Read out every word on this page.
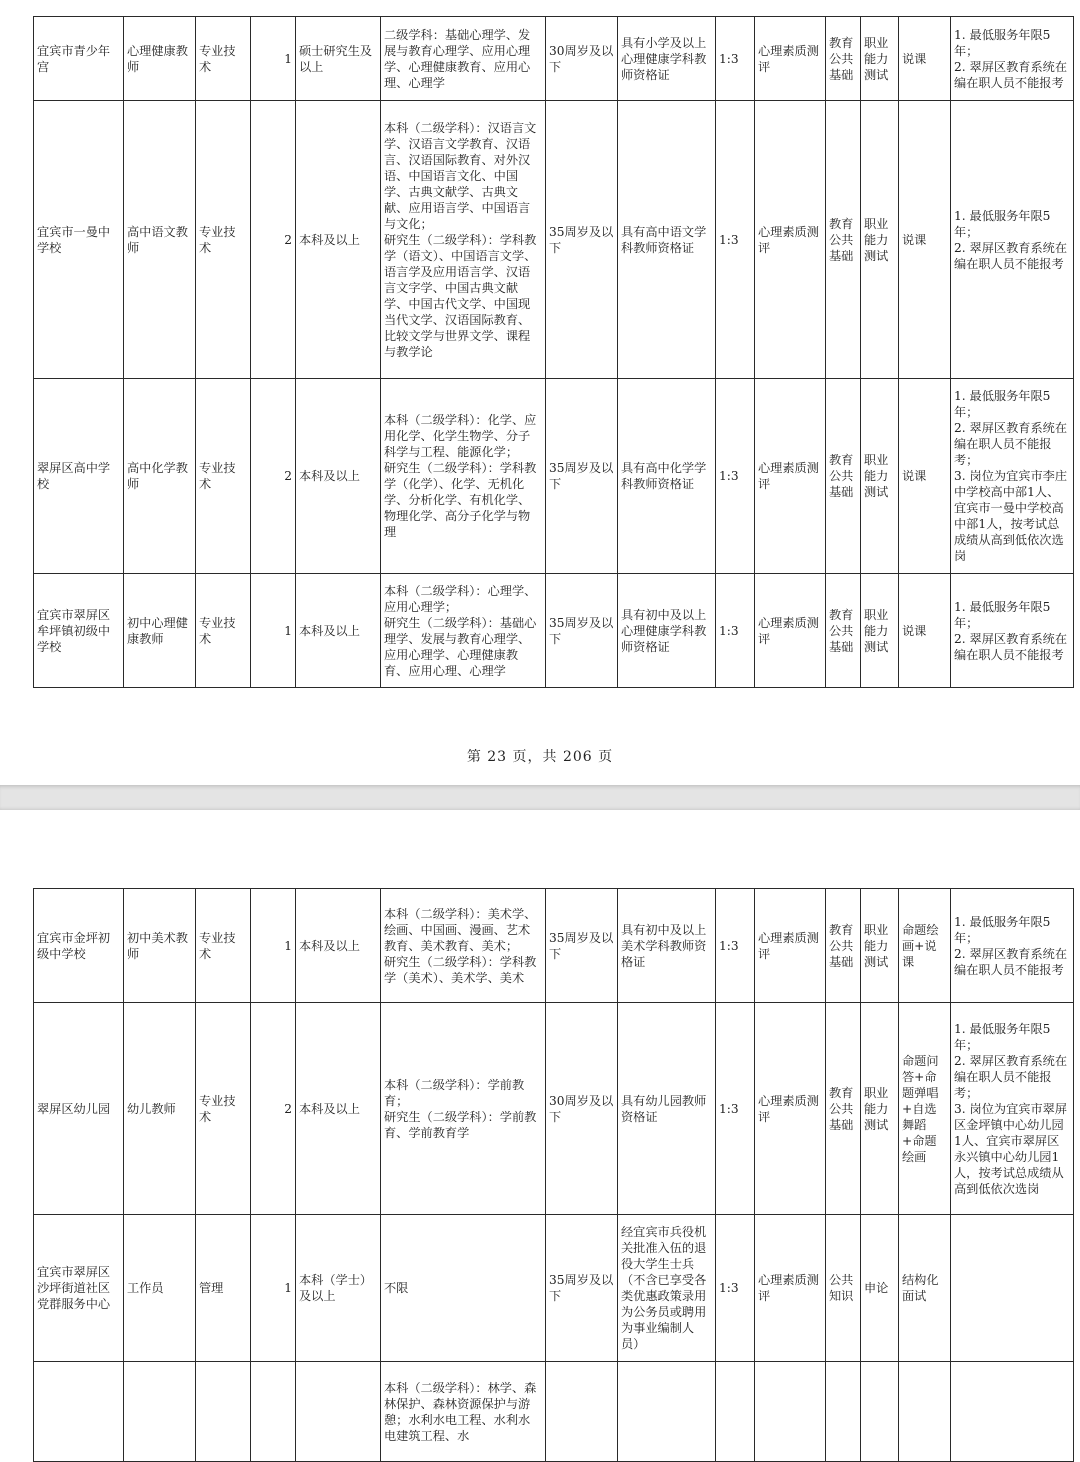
宜宾市青少年宫	心理健康教师	专业技术	1	硕士研究生及以上	二级学科：基础心理学、发展与教育心理学、应用心理学、心理健康教育、应用心理、心理学	30周岁及以下	具有小学及以上心理健康学科教师资格证	1:3	心理素质测评	教育公共基础	职业能力测试	说课	1. 最低服务年限5年；
2. 翠屏区教育系统在编在职人员不能报考

宜宾市一曼中学校	高中语文教师	专业技术	2	本科及以上	本科（二级学科）：汉语言文学、汉语言文学教育、汉语言、汉语国际教育、对外汉语、中国语言文化、中国学、古典文献学、古典文献、应用语言学、中国语言与文化；
研究生（二级学科）：学科教学（语文）、中国语言文学、语言学及应用语言学、汉语言文字学、中国古典文献学、中国古代文学、中国现当代文学、汉语国际教育、比较文学与世界文学、课程与教学论	35周岁及以下	具有高中语文学科教师资格证	1:3	心理素质测评	教育公共基础	职业能力测试	说课	1. 最低服务年限5年；
2. 翠屏区教育系统在编在职人员不能报考

翠屏区高中学校	高中化学教师	专业技术	2	本科及以上	本科（二级学科）：化学、应用化学、化学生物学、分子科学与工程、能源化学；
研究生（二级学科）：学科教学（化学）、化学、无机化学、分析化学、有机化学、物理化学、高分子化学与物理	35周岁及以下	具有高中化学学科教师资格证	1:3	心理素质测评	教育公共基础	职业能力测试	说课	1. 最低服务年限5年；
2. 翠屏区教育系统在编在职人员不能报考；
3. 岗位为宜宾市李庄中学校高中部1人、宜宾市一曼中学校高中部1人，按考试总成绩从高到低依次选岗

宜宾市翠屏区牟坪镇初级中学校	初中心理健康教师	专业技术	1	本科及以上	本科（二级学科）：心理学、应用心理学；
研究生（二级学科）：基础心理学、发展与教育心理学、应用心理学、心理健康教育、应用心理、心理学	35周岁及以下	具有初中及以上心理健康学科教师资格证	1:3	心理素质测评	教育公共基础	职业能力测试	说课	1. 最低服务年限5年；
2. 翠屏区教育系统在编在职人员不能报考
第 23 页，共 206 页
宜宾市金坪初级中学校	初中美术教师	专业技术	1	本科及以上	本科（二级学科）：美术学、绘画、中国画、漫画、艺术教育、美术教育、美术；
研究生（二级学科）：学科教学（美术）、美术学、美术	35周岁及以下	具有初中及以上美术学科教师资格证	1:3	心理素质测评	教育公共基础	职业能力测试	命题绘画+说课	1. 最低服务年限5年；
2. 翠屏区教育系统在编在职人员不能报考

翠屏区幼儿园	幼儿教师	专业技术	2	本科及以上	本科（二级学科）：学前教育；
研究生（二级学科）：学前教育、学前教育学	30周岁及以下	具有幼儿园教师资格证	1:3	心理素质测评	教育公共基础	职业能力测试	命题问答+命题弹唱+自选舞蹈+命题绘画	1. 最低服务年限5年；
2. 翠屏区教育系统在编在职人员不能报考；
3. 岗位为宜宾市翠屏区金坪镇中心幼儿园1人、宜宾市翠屏区永兴镇中心幼儿园1人，按考试总成绩从高到低依次选岗

宜宾市翠屏区沙坪街道社区党群服务中心	工作员	管理	1	本科（学士）及以上	不限	35周岁及以下	经宜宾市兵役机关批准入伍的退役大学生士兵（不含已享受各类优惠政策录用为公务员或聘用为事业编制人员）	1:3	心理素质测评	公共知识	申论	结构化面试	

					本科（二级学科）：林学、森林保护、森林资源保护与游憩；水利水电工程、水利水电建筑工程、水								
